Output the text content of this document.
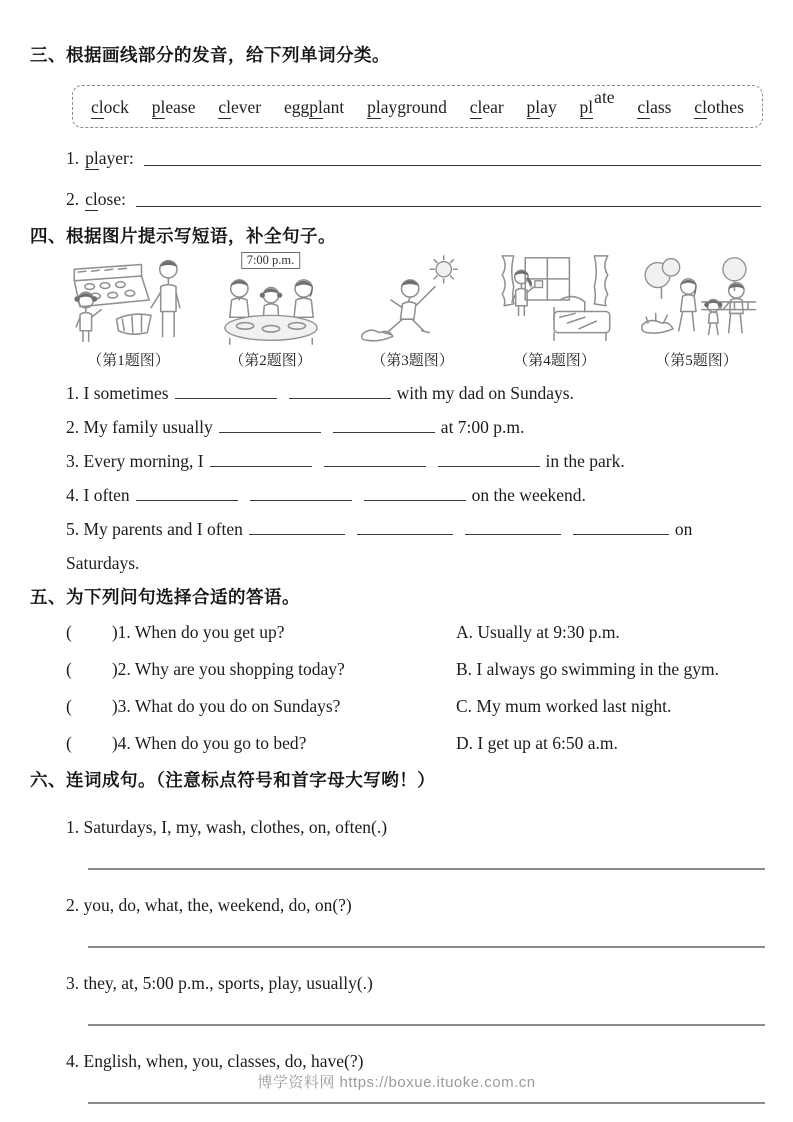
三、根据画线部分的发音，给下列单词分类。
clock please clever eggplant playground clear play plate class clothes
1. player:
2. close:
四、根据图片提示写短语，补全句子。
（第1题图）
7:00 p.m.
（第2题图）	（第3题图）	（第4题图）	（第5题图）
1. I sometimes	with my dad on Sundays.
2. My family usually	at 7:00 p.m.
3. Every morning, I	in the park.
4. I often	on the weekend.
5. My parents and I often	on
Saturdays.
五、为下列问句选择合适的答语。
( )1. When do you get up?	A. Usually at 9:30 p.m.
( )2. Why are you shopping today?	B. I always go swimming in the gym.
( )3. What do you do on Sundays?	C. My mum worked last night.
( )4. When do you go to bed?	D. I get up at 6:50 a.m.
六、连词成句。（注意标点符号和首字母大写哟！）
1. Saturdays, I, my, wash, clothes, on, often(.)
2. you, do, what, the, weekend, do, on(?)
3. they, at, 5:00 p.m., sports, play, usually(.)
4. English, when, you, classes, do, have(?)
博学资料网 https://boxue.ituoke.com.cn
